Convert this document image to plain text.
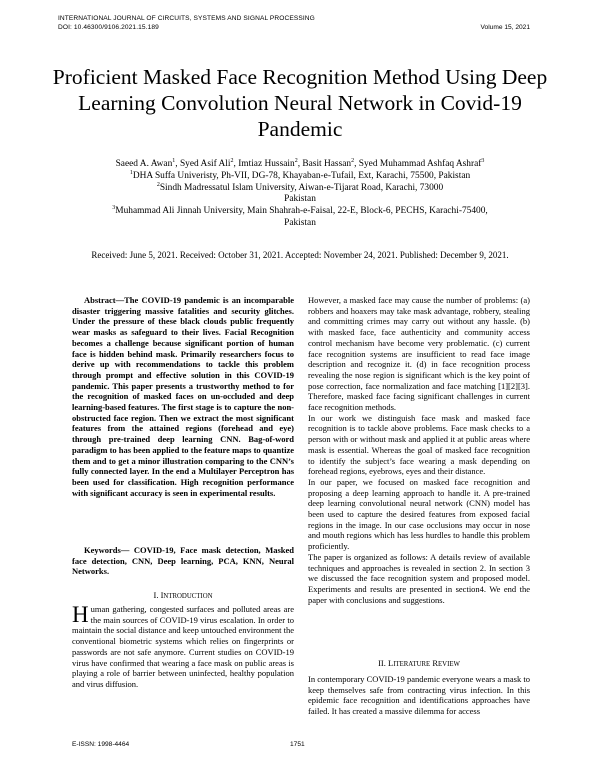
INTERNATIONAL JOURNAL OF CIRCUITS, SYSTEMS AND SIGNAL PROCESSING
DOI: 10.46300/9106.2021.15.189	Volume 15, 2021
Proficient Masked Face Recognition Method Using Deep Learning Convolution Neural Network in Covid-19 Pandemic
Saeed A. Awan$^1$, Syed Asif Ali$^2$, Imtiaz Hussain$^2$, Basit Hassan$^2$, Syed Muhammad Ashfaq Ashraf$^3$
$^1$DHA Suffa Univeristy, Ph-VII, DG-78, Khayaban-e-Tufail, Ext, Karachi, 75500, Pakistan
$^2$Sindh Madressatul Islam University, Aiwan-e-Tijarat Road, Karachi, 73000
Pakistan
$^3$Muhammad Ali Jinnah University, Main Shahrah-e-Faisal, 22-E, Block-6, PECHS, Karachi-75400,
Pakistan
Received: June 5, 2021. Received: October 31, 2021. Accepted: November 24, 2021. Published: December 9, 2021.

Abstract—The COVID-19 pandemic is an incomparable disaster triggering massive fatalities and security glitches. Under the pressure of these black clouds public frequently wear masks as safeguard to their lives. Facial Recognition becomes a challenge because significant portion of human face is hidden behind mask. Primarily researchers focus to derive up with recommendations to tackle this problem through prompt and effective solution in this COVID-19 pandemic. This paper presents a trustworthy method to for the recognition of masked faces on un-occluded and deep learning-based features. The first stage is to capture the non-obstructed face region. Then we extract the most significant features from the attained regions (forehead and eye) through pre-trained deep learning CNN. Bag-of-word paradigm to has been applied to the feature maps to quantize them and to get a minor illustration comparing to the CNN’s fully connected layer. In the end a Multilayer Perceptron has been used for classification. High recognition performance with significant accuracy is seen in experimental results.

Keywords— COVID-19, Face mask detection, Masked face detection, CNN, Deep learning, PCA, KNN, Neural Networks.

I. INTRODUCTION
Human gathering, congested surfaces and polluted areas are the main sources of COVID-19 virus escalation. In order to maintain the social distance and keep untouched environment the conventional biometric systems which relies on fingerprints or passwords are not safe anymore. Current studies on COVID-19 virus have confirmed that wearing a face mask on public areas is playing a role of barrier between uninfected, healthy population and virus diffusion.

However, a masked face may cause the number of problems: (a) robbers and hoaxers may take mask advantage, robbery, stealing and committing crimes may carry out without any hassle. (b) with masked face, face authenticity and community access control mechanism have become very problematic. (c) current face recognition systems are insufficient to read face image description and recognize it. (d) in face recognition process revealing the nose region is significant which is the key point of pose correction, face normalization and face matching [1][2][3]. Therefore, masked face facing significant challenges in current face recognition methods.

In our work we distinguish face mask and masked face recognition is to tackle above problems. Face mask checks to a person with or without mask and applied it at public areas where mask is essential. Whereas the goal of masked face recognition to identify the subject’s face wearing a mask depending on forehead regions, eyebrows, eyes and their distance.

In our paper, we focused on masked face recognition and proposing a deep learning approach to handle it. A pre-trained deep learning convolutional neural network (CNN) model has been used to capture the desired features from exposed facial regions in the image. In our case occlusions may occur in nose and mouth regions which has less hurdles to handle this problem proficiently.

The paper is organized as follows: A details review of available techniques and approaches is revealed in section 2. In section 3 we discussed the face recognition system and proposed model. Experiments and results are presented in section4. We end the paper with conclusions and suggestions.

II. LITERATURE REVIEW

In contemporary COVID-19 pandemic everyone wears a mask to keep themselves safe from contracting virus infection. In this epidemic face recognition and identifications approaches have failed. It has created a massive dilemma for access

E-ISSN: 1998-4464	1751
